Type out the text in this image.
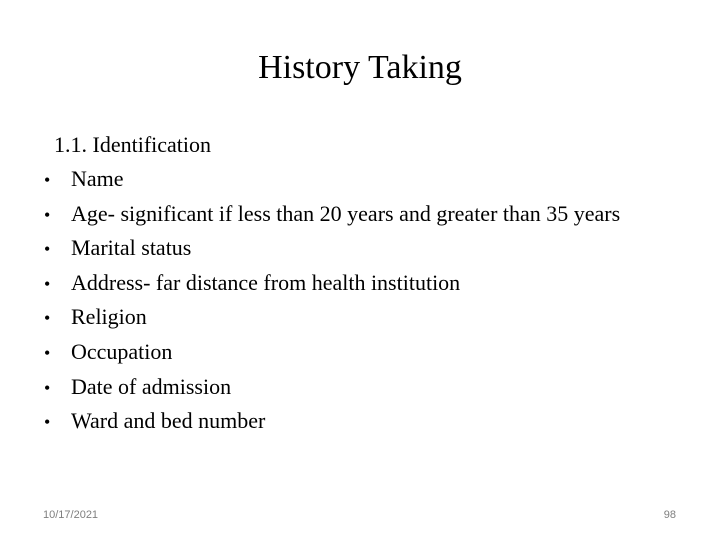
History Taking
1.1. Identification
• Name
• Age- significant if less than 20 years and greater than 35 years
• Marital status
• Address- far distance from health institution
• Religion
• Occupation
• Date of admission
• Ward and bed number
10/17/2021	98
